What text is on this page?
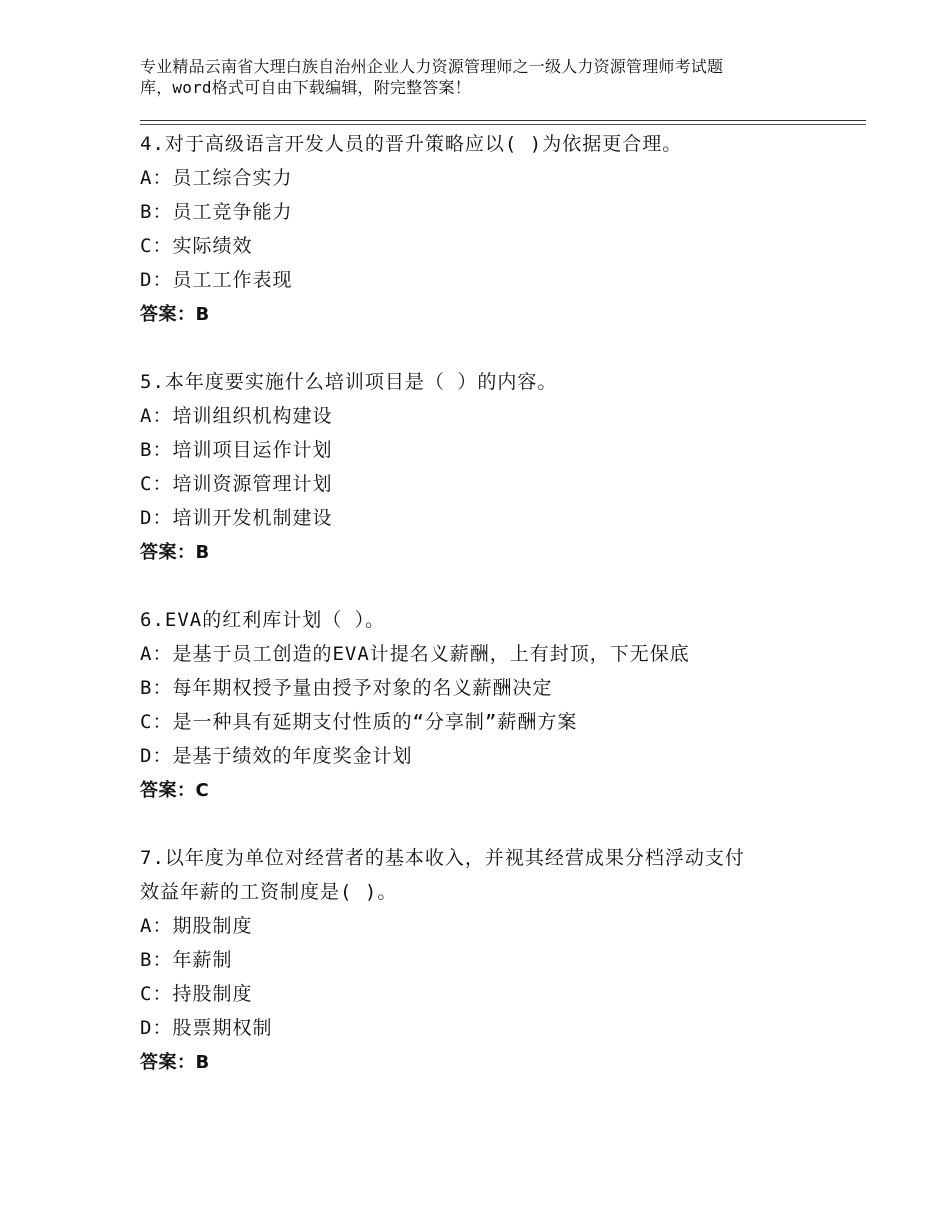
专业精品云南省大理白族自治州企业人力资源管理师之一级人力资源管理师考试题
库，word格式可自由下载编辑，附完整答案！
4.对于高级语言开发人员的晋升策略应以( )为依据更合理。
A：员工综合实力
B：员工竞争能力
C：实际绩效
D：员工工作表现
答案：B
5.本年度要实施什么培训项目是（ ）的内容。
A：培训组织机构建设
B：培训项目运作计划
C：培训资源管理计划
D：培训开发机制建设
答案：B
6.EVA的红利库计划（ ）。
A：是基于员工创造的EVA计提名义薪酬，上有封顶，下无保底
B：每年期权授予量由授予对象的名义薪酬决定
C：是一种具有延期支付性质的“分享制”薪酬方案
D：是基于绩效的年度奖金计划
答案：C
7.以年度为单位对经营者的基本收入，并视其经营成果分档浮动支付
效益年薪的工资制度是( )。
A：期股制度
B：年薪制
C：持股制度
D：股票期权制
答案：B
